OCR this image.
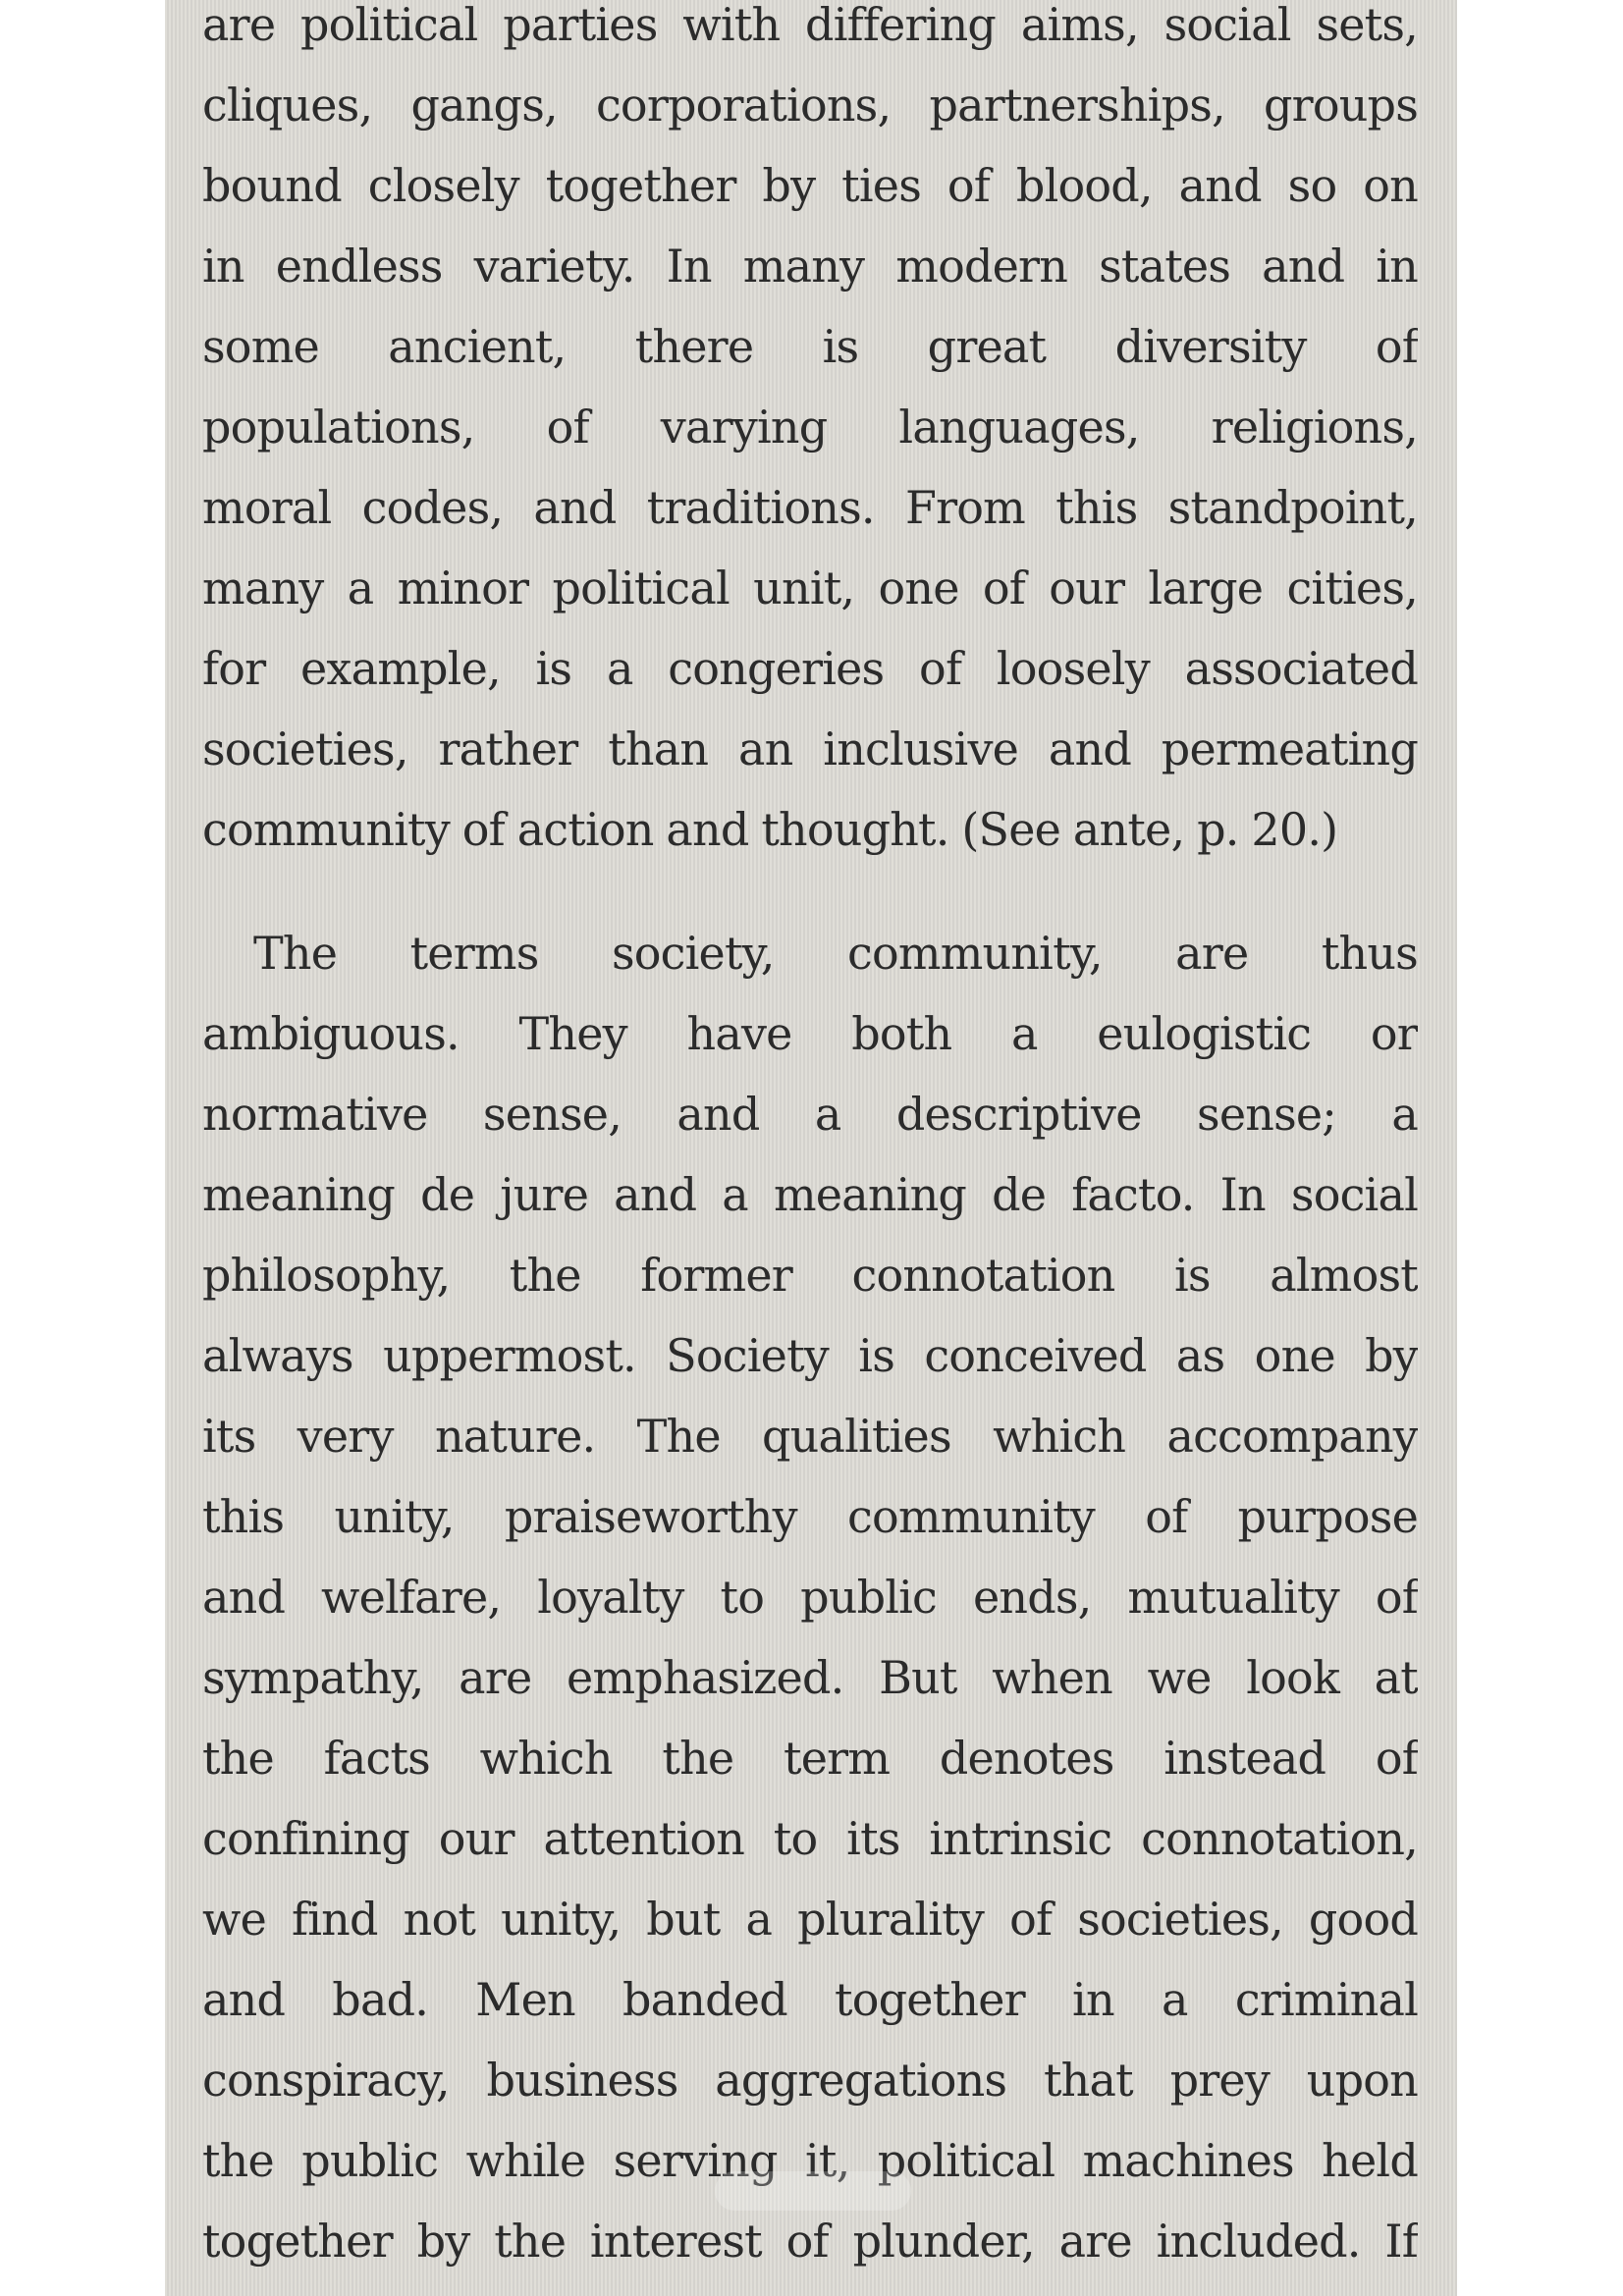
are political parties with differing aims, social sets,
cliques, gangs, corporations, partnerships, groups
bound closely together by ties of blood, and so on
in endless variety. In many modern states and in
some ancient, there is great diversity of
populations, of varying languages, religions,
moral codes, and traditions. From this standpoint,
many a minor political unit, one of our large cities,
for example, is a congeries of loosely associated
societies, rather than an inclusive and permeating
community of action and thought. (See ante, p. 20.)
The terms society, community, are thus
ambiguous. They have both a eulogistic or
normative sense, and a descriptive sense; a
meaning de jure and a meaning de facto. In social
philosophy, the former connotation is almost
always uppermost. Society is conceived as one by
its very nature. The qualities which accompany
this unity, praiseworthy community of purpose
and welfare, loyalty to public ends, mutuality of
sympathy, are emphasized. But when we look at
the facts which the term denotes instead of
confining our attention to its intrinsic connotation,
we find not unity, but a plurality of societies, good
and bad. Men banded together in a criminal
conspiracy, business aggregations that prey upon
the public while serving it, political machines held
together by the interest of plunder, are included. If
